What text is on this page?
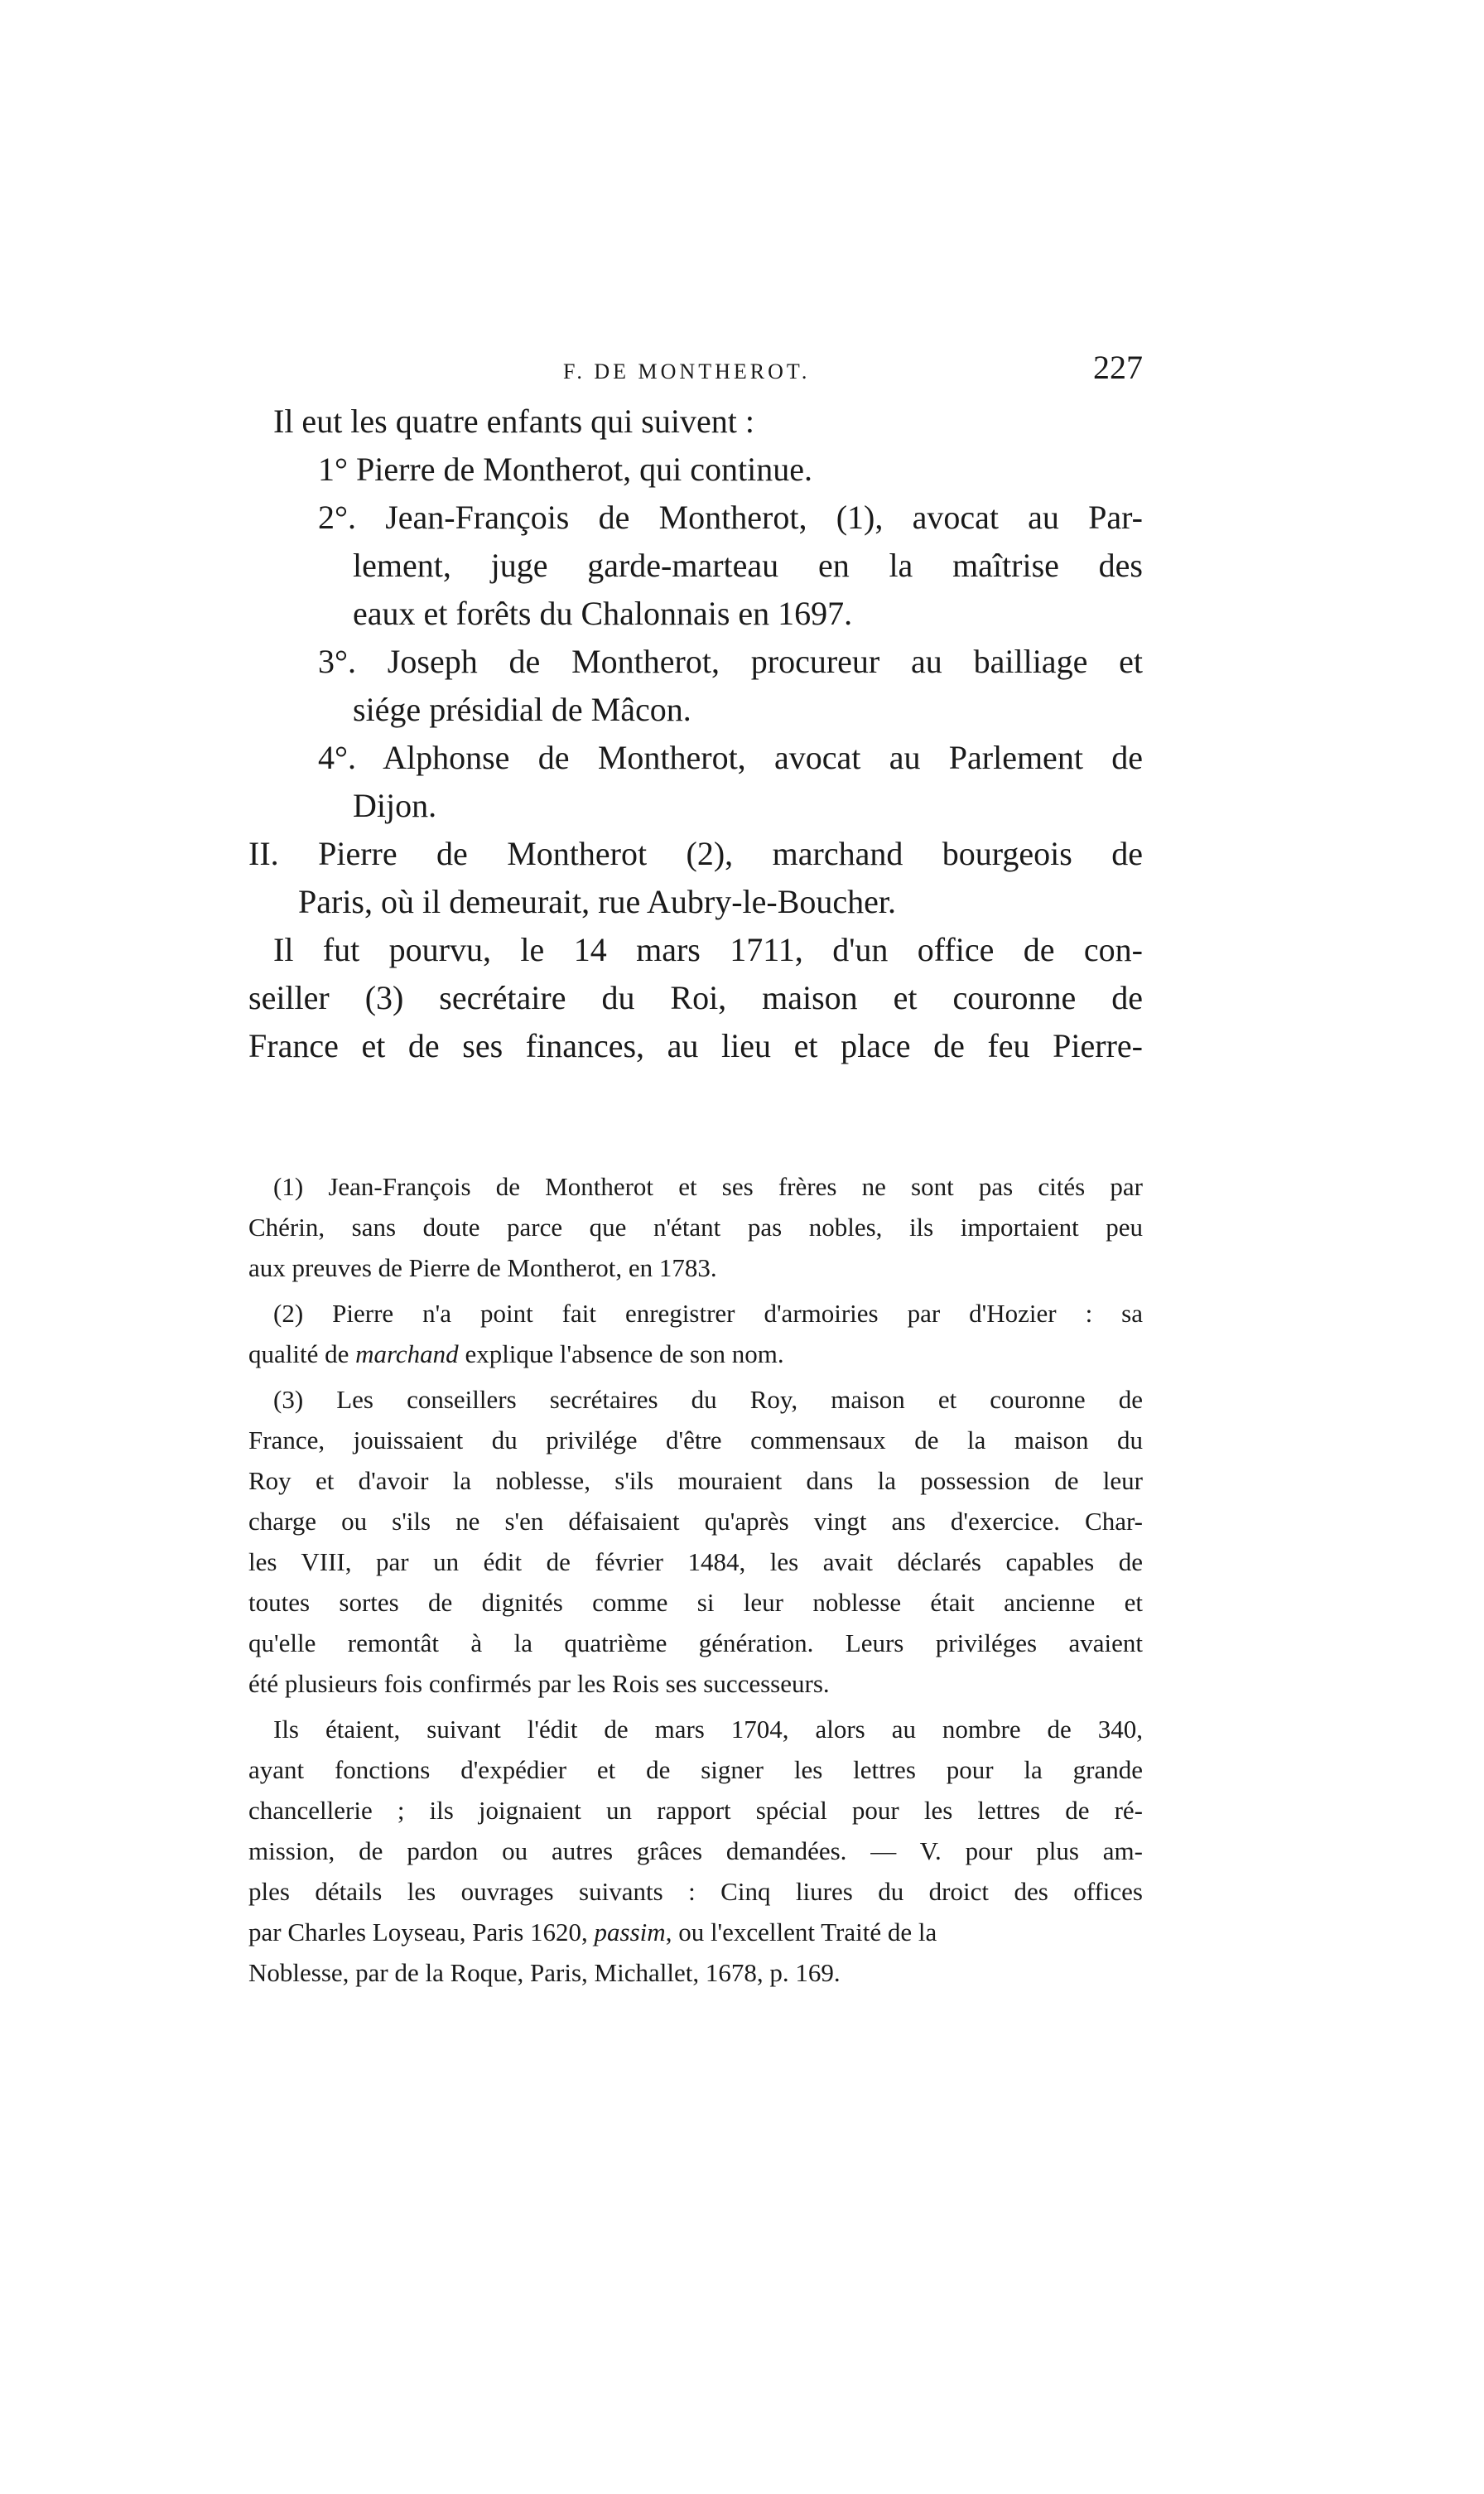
F. DE MONTHEROT.	227

Il eut les quatre enfants qui suivent :

1° Pierre de Montherot, qui continue.

2°. Jean-François de Montherot, (1), avocat au Par-

lement, juge garde-marteau en la maîtrise des

eaux et forêts du Chalonnais en 1697.

3°. Joseph de Montherot, procureur au bailliage et

siége présidial de Mâcon.

4°. Alphonse de Montherot, avocat au Parlement de

Dijon.

II. Pierre de Montherot (2), marchand bourgeois de

Paris, où il demeurait, rue Aubry-le-Boucher.

Il fut pourvu, le 14 mars 1711, d'un office de con-

seiller (3) secrétaire du Roi, maison et couronne de

France et de ses finances, au lieu et place de feu Pierre-

(1) Jean-François de Montherot et ses frères ne sont pas cités par

Chérin, sans doute parce que n'étant pas nobles, ils importaient peu

aux preuves de Pierre de Montherot, en 1783.

(2) Pierre n'a point fait enregistrer d'armoiries par d'Hozier : sa

qualité de marchand explique l'absence de son nom.

(3) Les conseillers secrétaires du Roy, maison et couronne de

France, jouissaient du privilége d'être commensaux de la maison du

Roy et d'avoir la noblesse, s'ils mouraient dans la possession de leur

charge ou s'ils ne s'en défaisaient qu'après vingt ans d'exercice. Char-

les VIII, par un édit de février 1484, les avait déclarés capables de

toutes sortes de dignités comme si leur noblesse était ancienne et

qu'elle remontât à la quatrième génération. Leurs priviléges avaient

été plusieurs fois confirmés par les Rois ses successeurs.

Ils étaient, suivant l'édit de mars 1704, alors au nombre de 340,

ayant fonctions d'expédier et de signer les lettres pour la grande

chancellerie ; ils joignaient un rapport spécial pour les lettres de ré-

mission, de pardon ou autres grâces demandées. — V. pour plus am-

ples détails les ouvrages suivants : Cinq liures du droict des offices

par Charles Loyseau, Paris 1620, passim, ou l'excellent Traité de la

Noblesse, par de la Roque, Paris, Michallet, 1678, p. 169.
